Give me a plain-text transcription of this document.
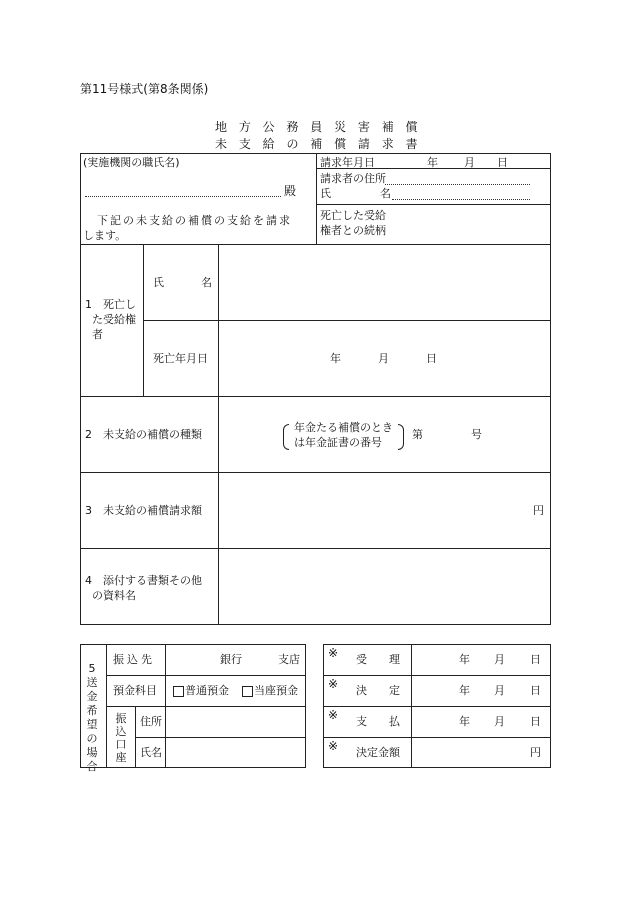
第11号様式(第8条関係)
地 方 公 務 員 災 害 補 償
未 支 給 の 補 償 請 求 書
(実施機関の職氏名)
殿
下記の未支給の補償の支給を請求
します。
請求年月日	年 月 日
請求者の住所
氏	名
死亡した受給
権者との続柄
1　死亡し
た受給権
者
氏	名
死亡年月日	年	月	日
2　未支給の補償の種類
年金たる補償のとき
は年金証書の番号
第	号
3　未支給の補償請求額	円
4　添付する書類その他
の資料名
5送金希望の場合
振込先	銀行	支店
預金科目	普通預金 当座預金
振込口座
住所
氏名
※ 受　　理	年 月 日
※ 決　　定	年 月 日
※ 支　　払	年 月 日
※ 決定金額	円
